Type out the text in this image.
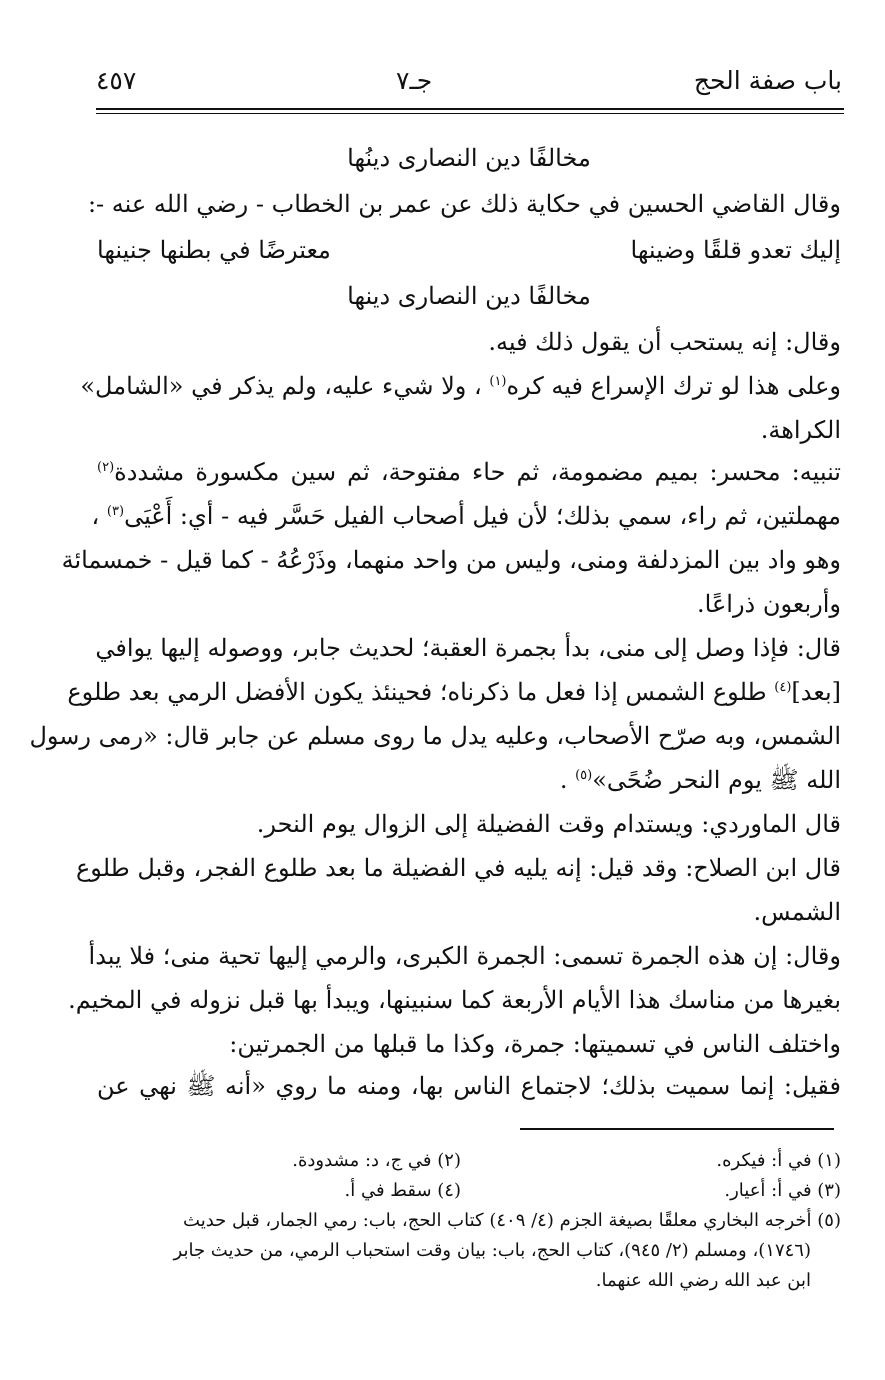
باب صفة الحج
جـ٧
٤٥٧
مخالفًا دين النصارى دينُها
وقال القاضي الحسين في حكاية ذلك عن عمر بن الخطاب - رضي الله عنه -:
إليك تعدو قلقًا وضينها
معترضًا في بطنها جنينها
مخالفًا دين النصارى دينها
وقال: إنه يستحب أن يقول ذلك فيه.
وعلى هذا لو ترك الإسراع فيه كره$^{(١)}$ ، ولا شيء عليه، ولم يذكر في «الشامل»
الكراهة.
تنبيه: محسر: بميم مضمومة، ثم حاء مفتوحة، ثم سين مكسورة مشددة$^{(٢)}$
مهملتين، ثم راء، سمي بذلك؛ لأن فيل أصحاب الفيل حَسَّر فيه - أي: أَعْيَى$^{(٣)}$ ،
وهو واد بين المزدلفة ومنى، وليس من واحد منهما، وذَرْعُهُ - كما قيل - خمسمائة
وأربعون ذراعًا.
قال: فإذا وصل إلى منى، بدأ بجمرة العقبة؛ لحديث جابر، ووصوله إليها يوافي
[بعد]$^{(٤)}$ طلوع الشمس إذا فعل ما ذكرناه؛ فحينئذ يكون الأفضل الرمي بعد طلوع
الشمس، وبه صرّح الأصحاب، وعليه يدل ما روى مسلم عن جابر قال: «رمى رسول
الله ﷺ يوم النحر ضُحًى»$^{(٥)}$ .
قال الماوردي: ويستدام وقت الفضيلة إلى الزوال يوم النحر.
قال ابن الصلاح: وقد قيل: إنه يليه في الفضيلة ما بعد طلوع الفجر، وقبل طلوع
الشمس.
وقال: إن هذه الجمرة تسمى: الجمرة الكبرى، والرمي إليها تحية منى؛ فلا يبدأ
بغيرها من مناسك هذا الأيام الأربعة كما سنبينها، ويبدأ بها قبل نزوله في المخيم.
واختلف الناس في تسميتها: جمرة، وكذا ما قبلها من الجمرتين:
فقيل: إنما سميت بذلك؛ لاجتماع الناس بها، ومنه ما روي «أنه ﷺ نهي عن
(١) في أ: فيكره.
(٢) في ج، د: مشدودة.
(٣) في أ: أعيار.
(٤) سقط في أ.
(٥) أخرجه البخاري معلقًا بصيغة الجزم (٤/ ٤٠٩) كتاب الحج، باب: رمي الجمار، قبل حديث
(١٧٤٦)، ومسلم (٢/ ٩٤٥)، كتاب الحج، باب: بيان وقت استحباب الرمي، من حديث جابر
ابن عبد الله رضي الله عنهما.
